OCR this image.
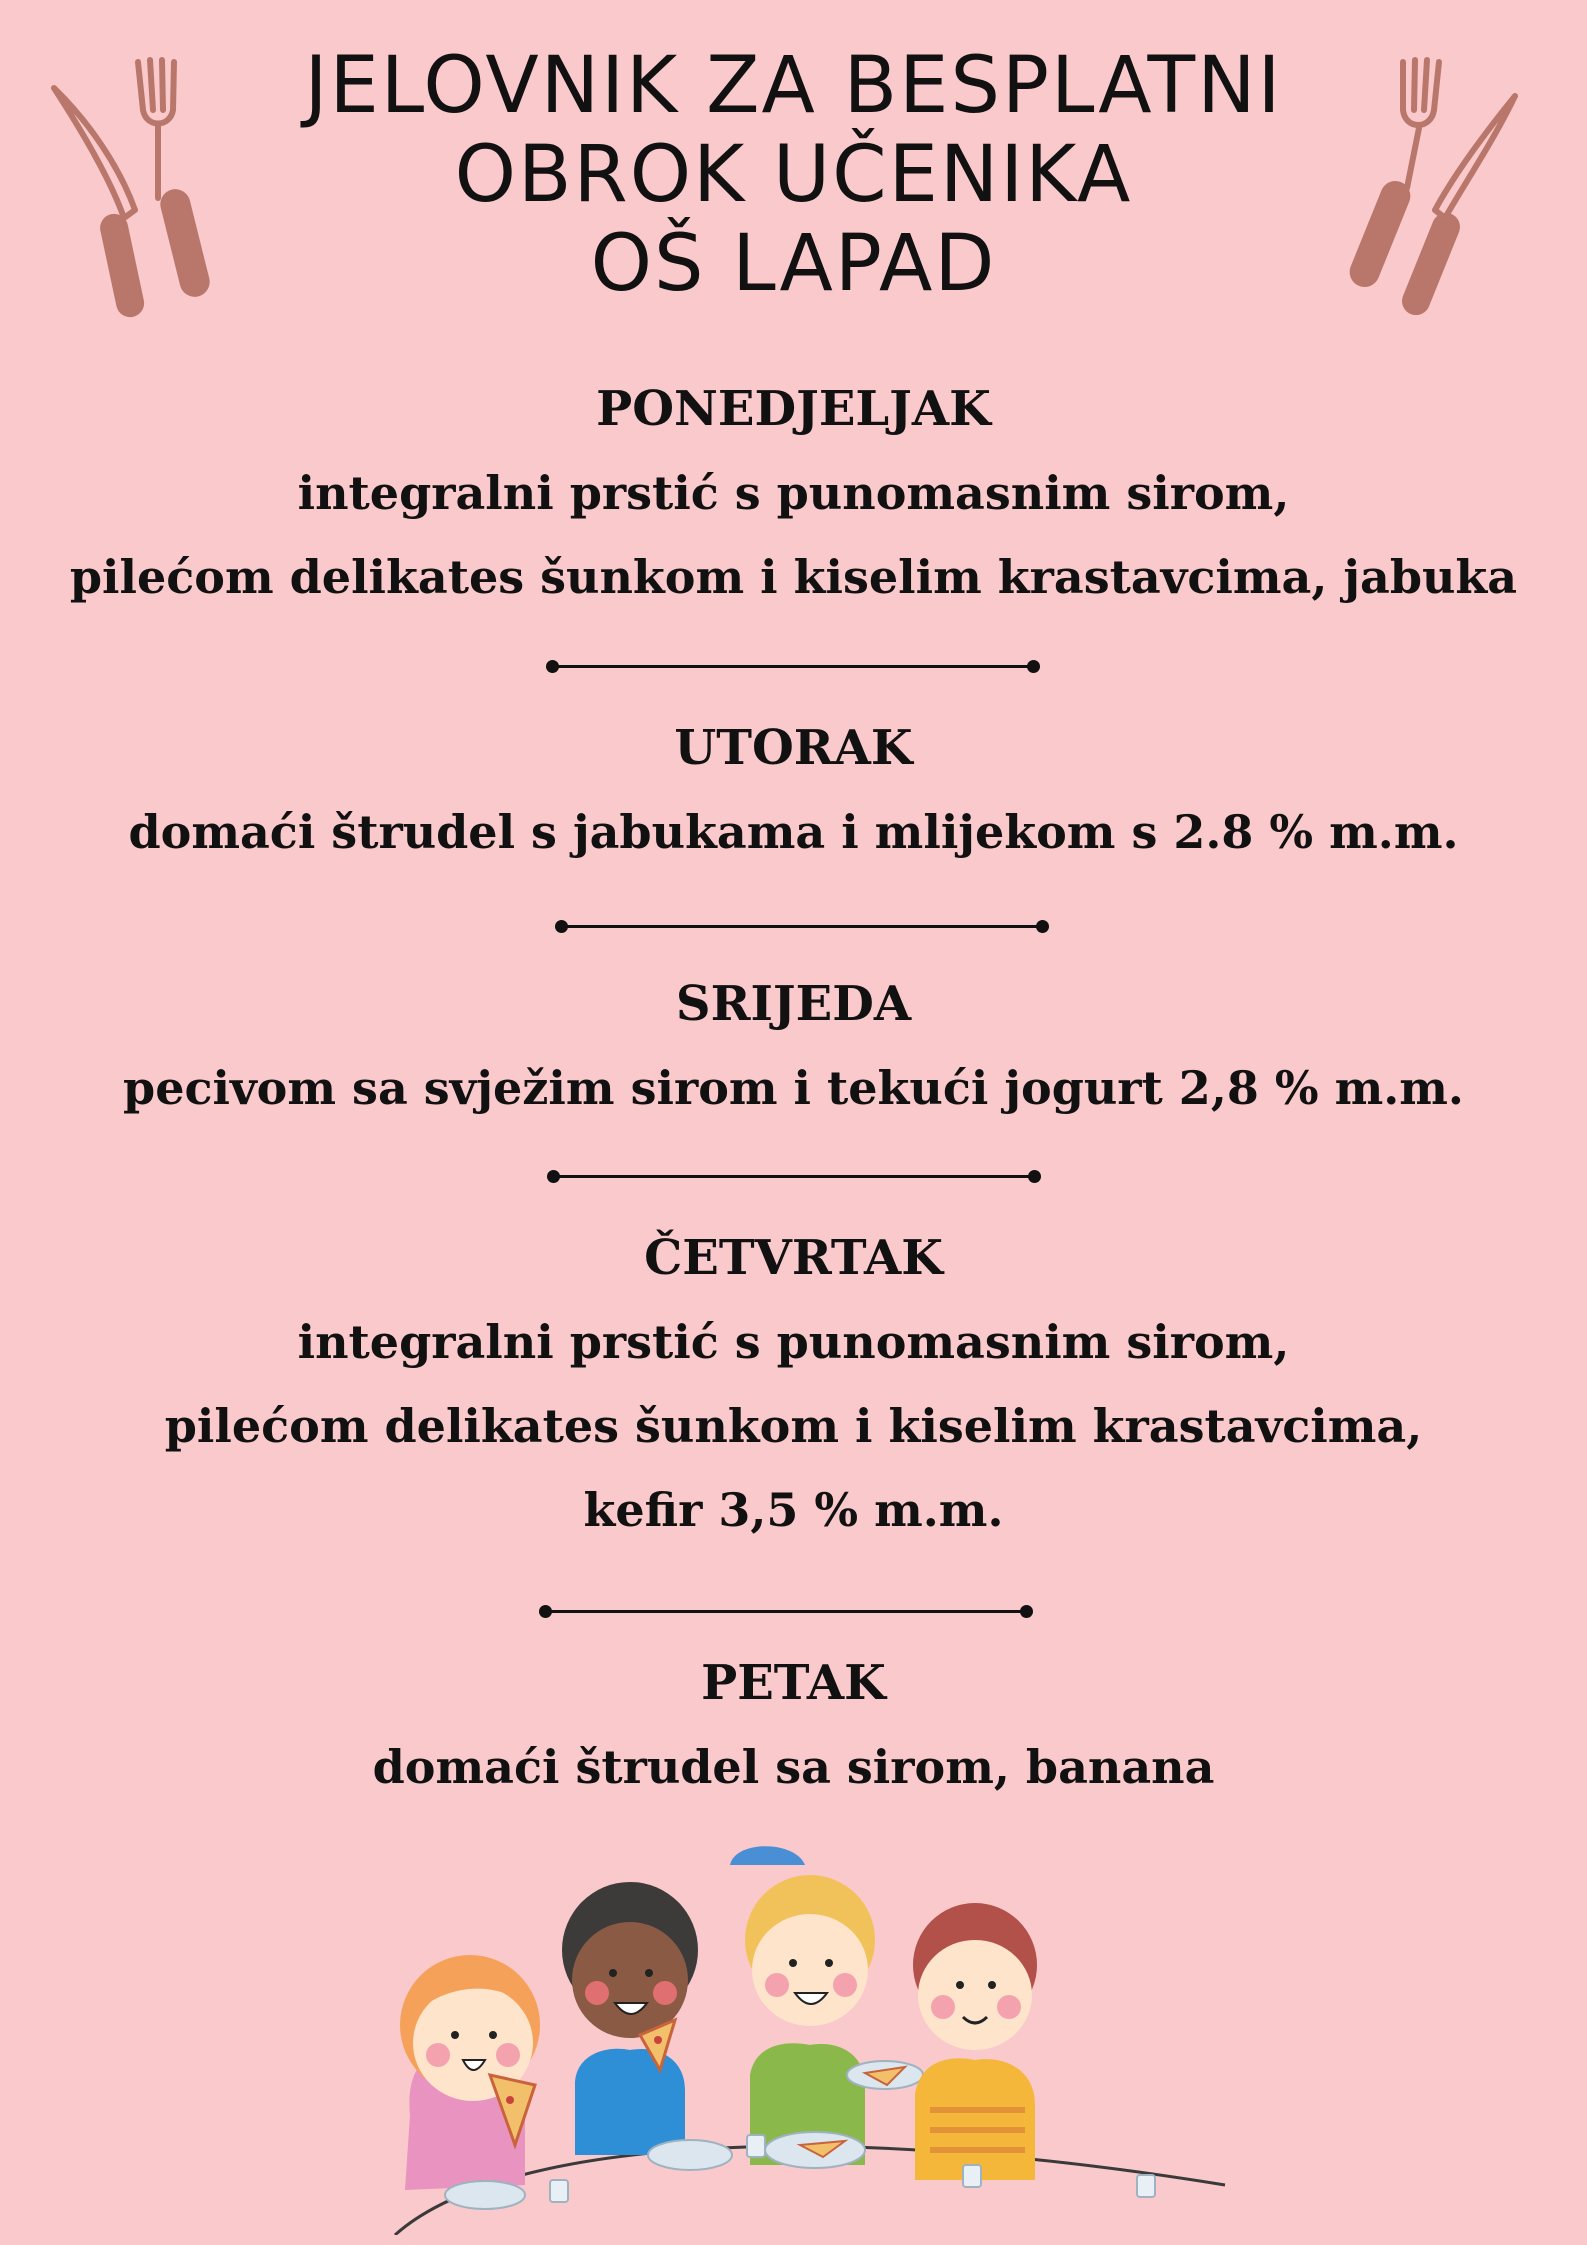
JELOVNIK ZA BESPLATNI
OBROK UČENIKA
OŠ LAPAD
PONEDJELJAK
integralni prstić s punomasnim sirom,
pilećom delikates šunkom i kiselim krastavcima, jabuka
UTORAK
domaći štrudel s jabukama i mlijekom s 2.8 % m.m.
SRIJEDA
pecivom sa svježim sirom i tekući jogurt 2,8 % m.m.
ČETVRTAK
integralni prstić s punomasnim sirom,
pilećom delikates šunkom i kiselim krastavcima,
kefir 3,5 % m.m.
PETAK
domaći štrudel sa sirom, banana
